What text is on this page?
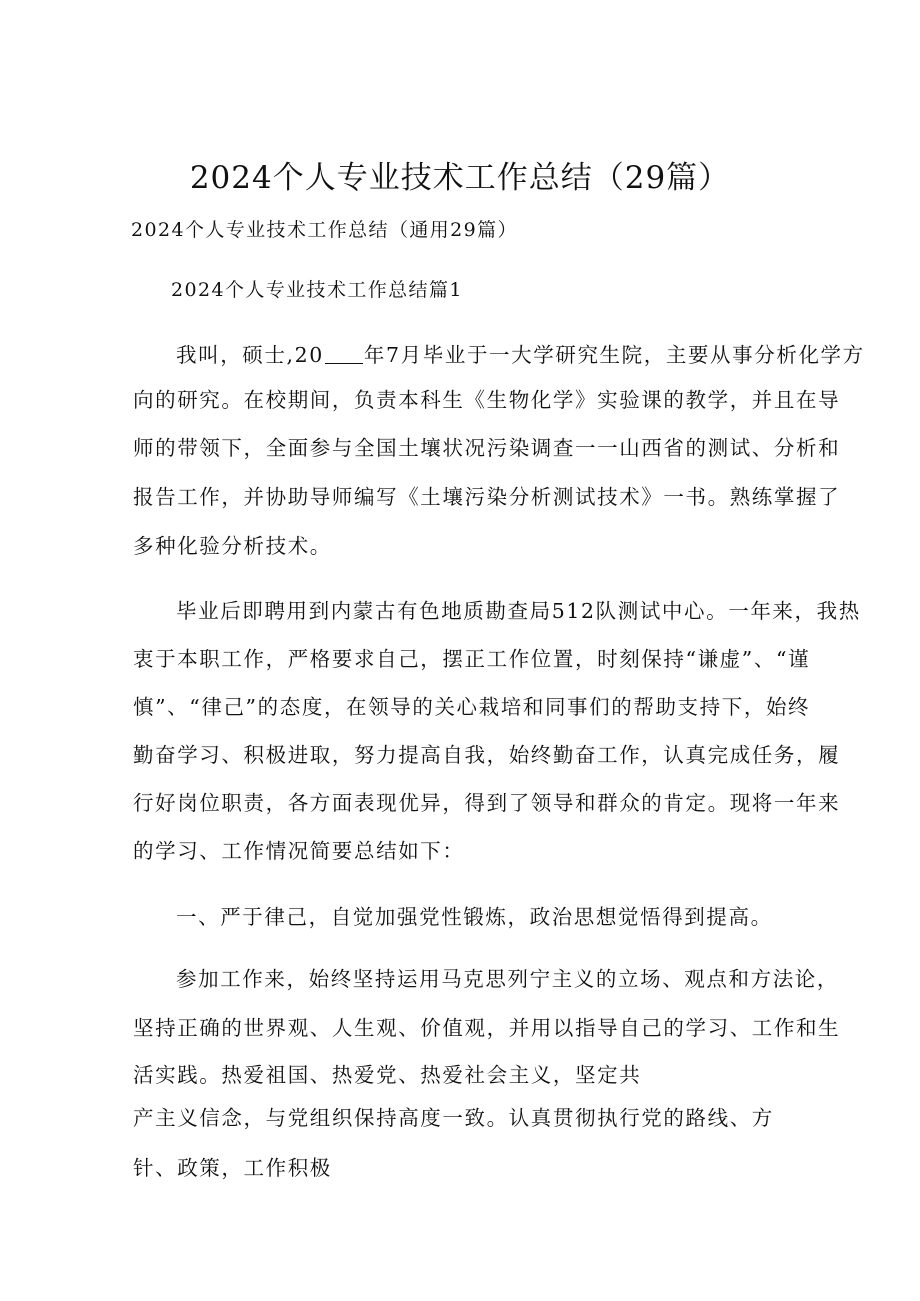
2024个人专业技术工作总结（29篇）
2024个人专业技术工作总结（通用29篇）
2024个人专业技术工作总结篇1
我叫，硕士,20 年7月毕业于一大学研究生院，主要从事分析化学方
向的研究。在校期间，负责本科生《生物化学》实验课的教学，并且在导
师的带领下，全面参与全国土壤状况污染调查一一山西省的测试、分析和
报告工作，并协助导师编写《土壤污染分析测试技术》一书。熟练掌握了
多种化验分析技术。
毕业后即聘用到内蒙古有色地质勘查局512队测试中心。一年来，我热
衷于本职工作，严格要求自己，摆正工作位置，时刻保持“谦虚”、“谨
慎”、“律己”的态度，在领导的关心栽培和同事们的帮助支持下，始终
勤奋学习、积极进取，努力提高自我，始终勤奋工作，认真完成任务，履
行好岗位职责，各方面表现优异，得到了领导和群众的肯定。现将一年来
的学习、工作情况简要总结如下：
一、严于律己，自觉加强党性锻炼，政治思想觉悟得到提高。
参加工作来，始终坚持运用马克思列宁主义的立场、观点和方法论，
坚持正确的世界观、人生观、价值观，并用以指导自己的学习、工作和生
活实践。热爱祖国、热爱党、热爱社会主义，坚定共
产主义信念，与党组织保持高度一致。认真贯彻执行党的路线、方
针、政策，工作积极
